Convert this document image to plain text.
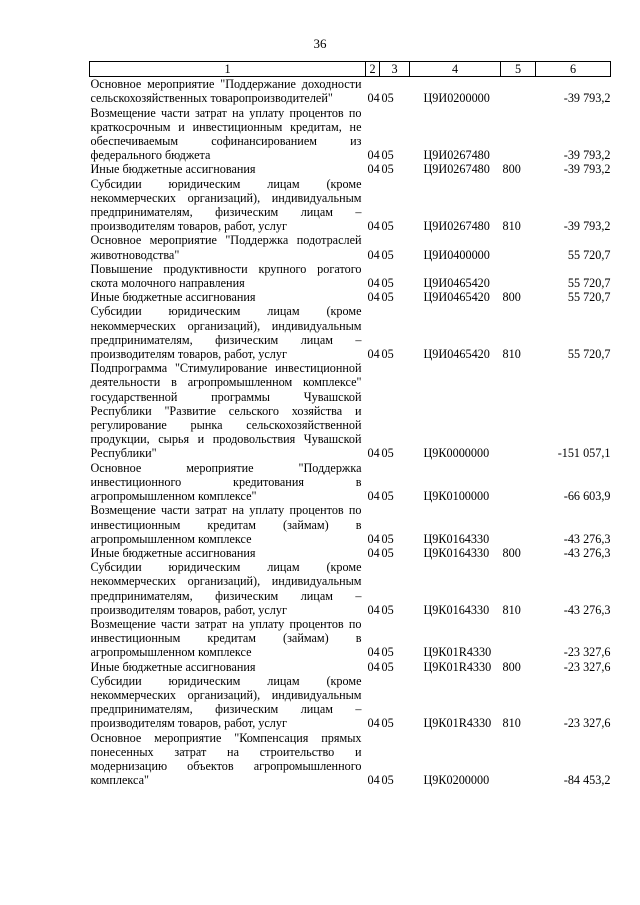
36
1	2	3	4	5	6
Основное мероприятие "Поддержание доходности сельскохозяйственных товаропроизводителей"	04	05	Ц9И0200000		-39 793,2
Возмещение части затрат на уплату процентов по краткосрочным и инвестиционным кредитам, не обеспечиваемым софинансированием из федерального бюджета	04	05	Ц9И0267480		-39 793,2
Иные бюджетные ассигнования	04	05	Ц9И0267480	800	-39 793,2
Субсидии юридическим лицам (кроме некоммерческих организаций), индивидуальным предпринимателям, физическим лицам – производителям товаров, работ, услуг	04	05	Ц9И0267480	810	-39 793,2
Основное мероприятие "Поддержка подотраслей животноводства"	04	05	Ц9И0400000		55 720,7
Повышение продуктивности крупного рогатого скота молочного направления	04	05	Ц9И0465420		55 720,7
Иные бюджетные ассигнования	04	05	Ц9И0465420	800	55 720,7
Субсидии юридическим лицам (кроме некоммерческих организаций), индивидуальным предпринимателям, физическим лицам – производителям товаров, работ, услуг	04	05	Ц9И0465420	810	55 720,7
Подпрограмма "Стимулирование инвестиционной деятельности в агропромышленном комплексе" государственной программы Чувашской Республики "Развитие сельского хозяйства и регулирование рынка сельскохозяйственной продукции, сырья и продовольствия Чувашской Республики"	04	05	Ц9К0000000		-151 057,1
Основное мероприятие "Поддержка инвестиционного кредитования в агропромышленном комплексе"	04	05	Ц9К0100000		-66 603,9
Возмещение части затрат на уплату процентов по инвестиционным кредитам (займам) в агропромышленном комплексе	04	05	Ц9К0164330		-43 276,3
Иные бюджетные ассигнования	04	05	Ц9К0164330	800	-43 276,3
Субсидии юридическим лицам (кроме некоммерческих организаций), индивидуальным предпринимателям, физическим лицам – производителям товаров, работ, услуг	04	05	Ц9К0164330	810	-43 276,3
Возмещение части затрат на уплату процентов по инвестиционным кредитам (займам) в агропромышленном комплексе	04	05	Ц9К01R4330		-23 327,6
Иные бюджетные ассигнования	04	05	Ц9К01R4330	800	-23 327,6
Субсидии юридическим лицам (кроме некоммерческих организаций), индивидуальным предпринимателям, физическим лицам – производителям товаров, работ, услуг	04	05	Ц9К01R4330	810	-23 327,6
Основное мероприятие "Компенсация прямых понесенных затрат на строительство и модернизацию объектов агропромышленного комплекса"	04	05	Ц9К0200000		-84 453,2
